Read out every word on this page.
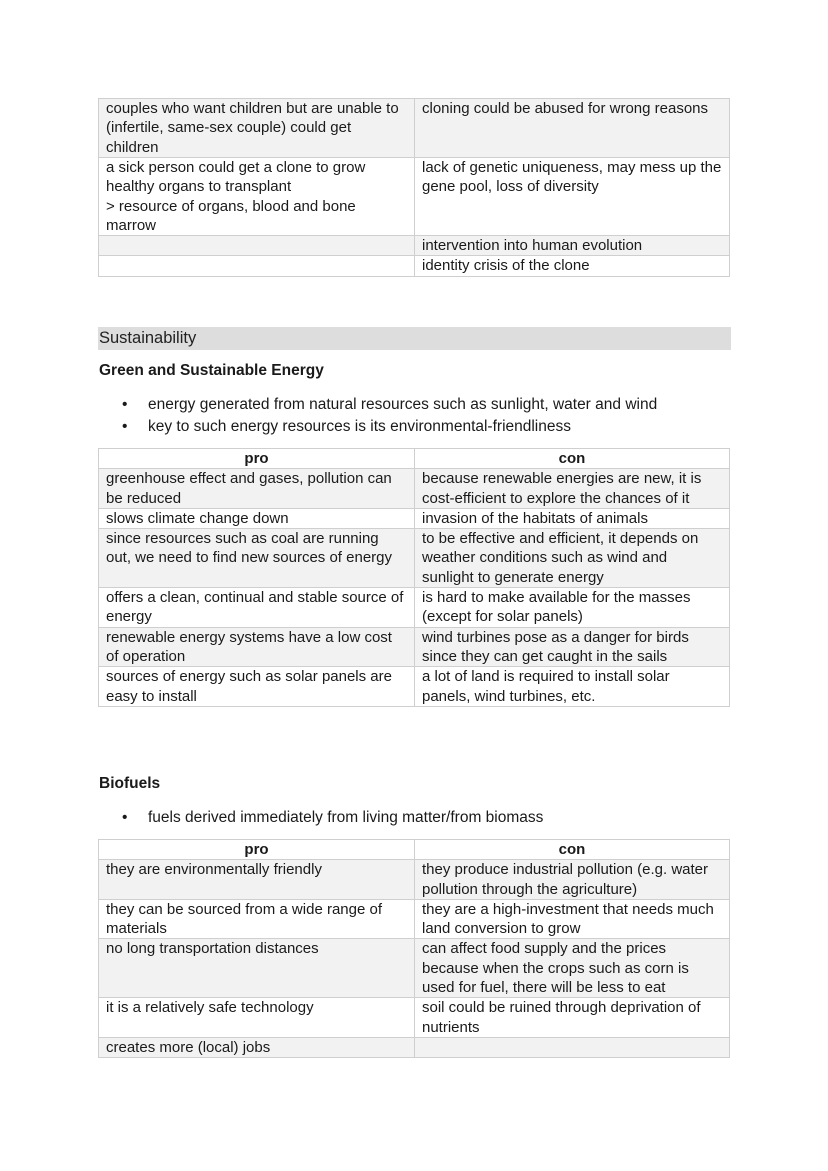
couples who want children but are unable to (infertile, same-sex couple) could get children	cloning could be abused for wrong reasons
a sick person could get a clone to grow healthy organs to transplant
> resource of organs, blood and bone marrow	lack of genetic uniqueness, may mess up the gene pool, loss of diversity
	intervention into human evolution
	identity crisis of the clone
Sustainability
Green and Sustainable Energy
• energy generated from natural resources such as sunlight, water and wind
• key to such energy resources is its environmental-friendliness
pro	con
greenhouse effect and gases, pollution can be reduced	because renewable energies are new, it is cost-efficient to explore the chances of it
slows climate change down	invasion of the habitats of animals
since resources such as coal are running out, we need to find new sources of energy	to be effective and efficient, it depends on weather conditions such as wind and sunlight to generate energy
offers a clean, continual and stable source of energy	is hard to make available for the masses (except for solar panels)
renewable energy systems have a low cost of operation	wind turbines pose as a danger for birds since they can get caught in the sails
sources of energy such as solar panels are easy to install	a lot of land is required to install solar panels, wind turbines, etc.
Biofuels
• fuels derived immediately from living matter/from biomass
pro	con
they are environmentally friendly	they produce industrial pollution (e.g. water pollution through the agriculture)
they can be sourced from a wide range of materials	they are a high-investment that needs much land conversion to grow
no long transportation distances	can affect food supply and the prices because when the crops such as corn is used for fuel, there will be less to eat
it is a relatively safe technology	soil could be ruined through deprivation of nutrients
creates more (local) jobs	
